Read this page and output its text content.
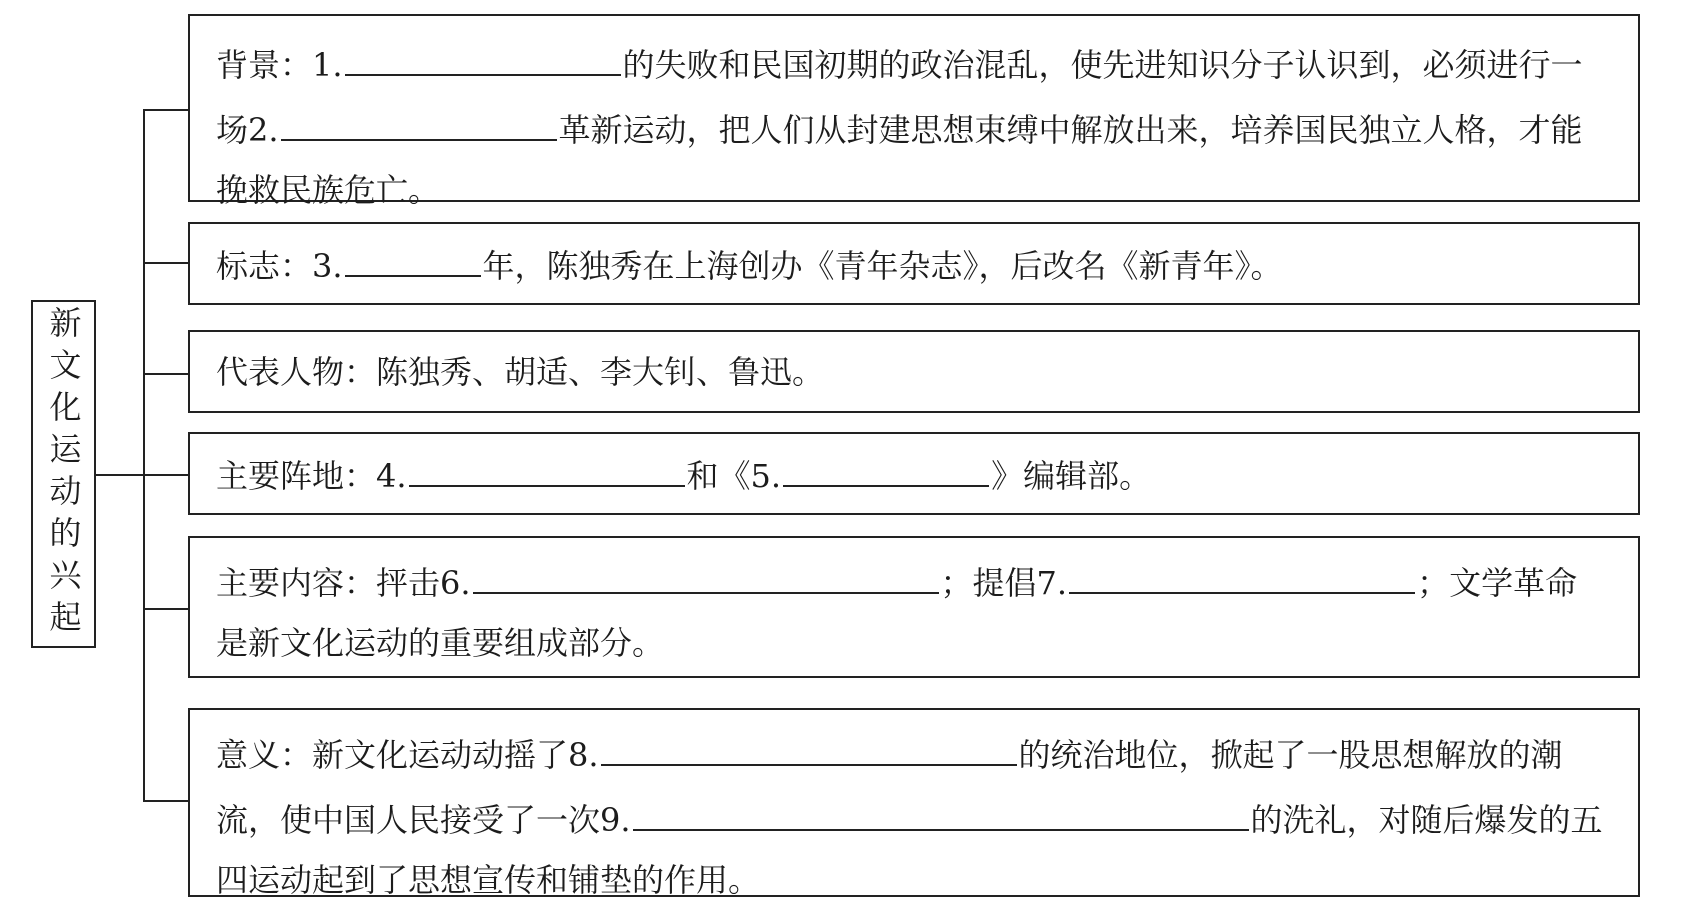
新文化运动的兴起
背景：1.	的失败和民国初期的政治混乱，使先进知识分子认识到，必须进行一场2.	革新运动，把人们从封建思想束缚中解放出来，培养国民独立人格，才能挽救民族危亡。
标志：3.	年，陈独秀在上海创办《青年杂志》，后改名《新青年》。
代表人物：陈独秀、胡适、李大钊、鲁迅。
主要阵地：4.	和《5.	》编辑部。
主要内容：抨击6.	；提倡7.	；文学革命是新文化运动的重要组成部分。
意义：新文化运动动摇了8.	的统治地位，掀起了一股思想解放的潮流，使中国人民接受了一次9.	的洗礼，对随后爆发的五四运动起到了思想宣传和铺垫的作用。
